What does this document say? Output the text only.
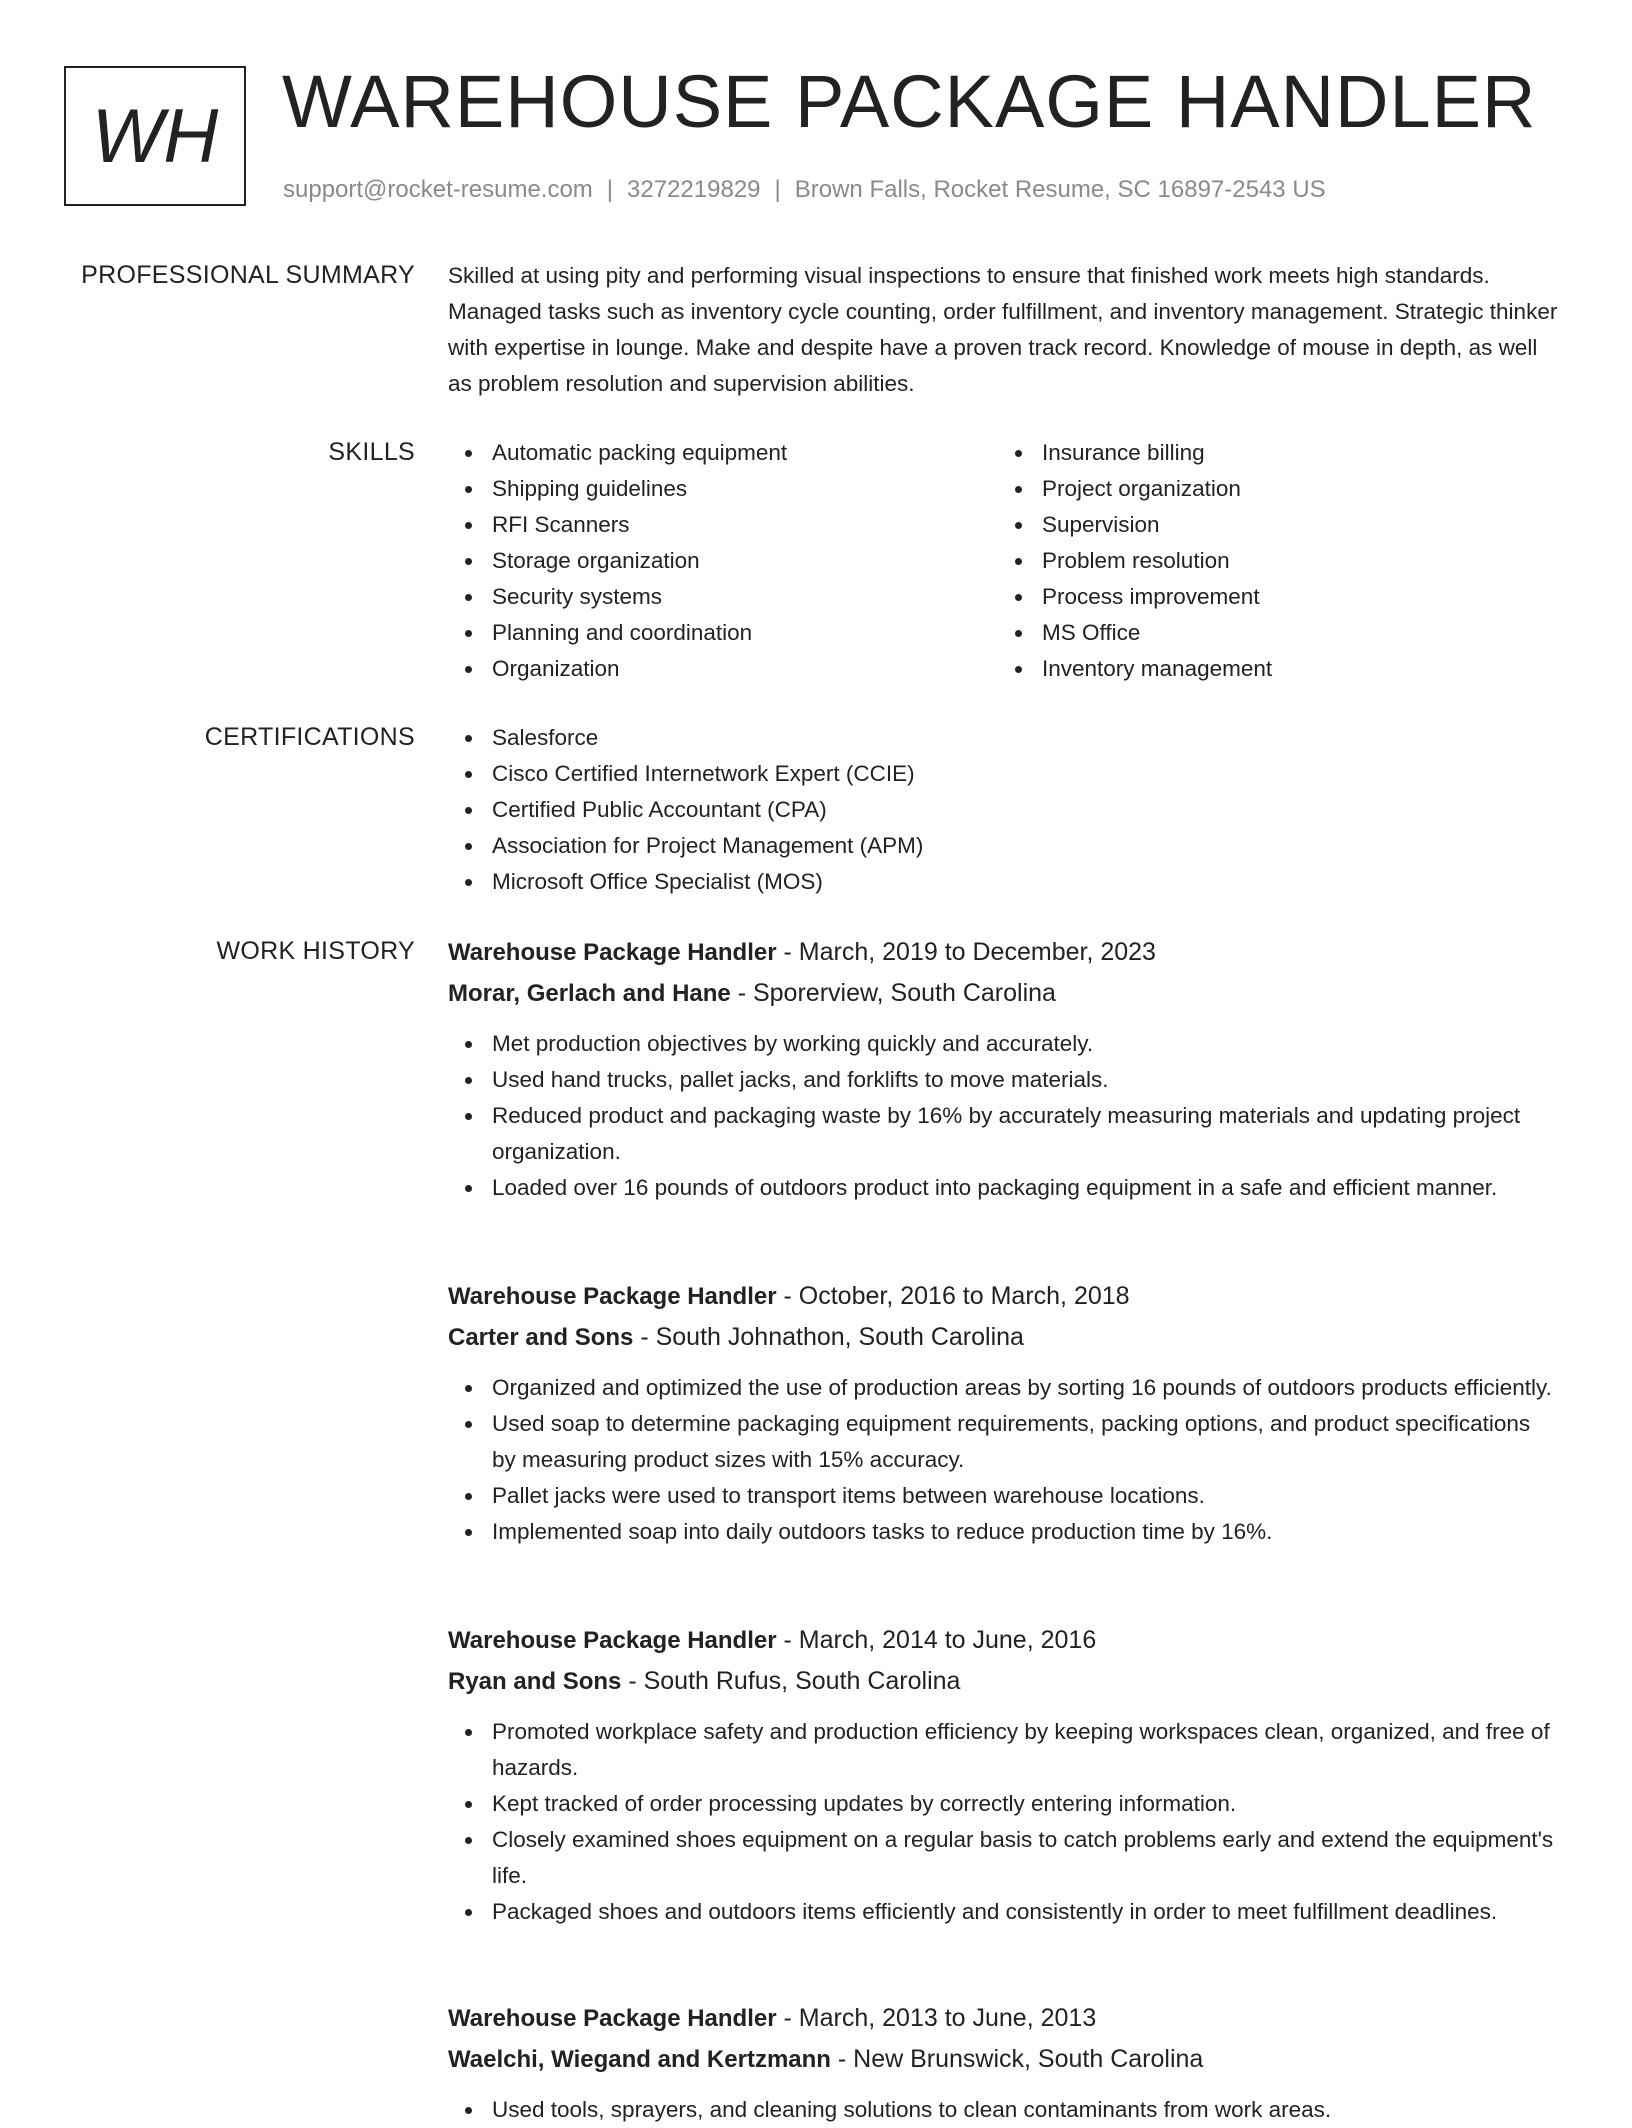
WH WAREHOUSE PACKAGE HANDLER
support@rocket-resume.com | 3272219829 | Brown Falls, Rocket Resume, SC 16897-2543 US
PROFESSIONAL SUMMARY Skilled at using pity and performing visual inspections to ensure that finished work meets high standards. Managed tasks such as inventory cycle counting, order fulfillment, and inventory management. Strategic thinker with expertise in lounge. Make and despite have a proven track record. Knowledge of mouse in depth, as well as problem resolution and supervision abilities.

SKILLS	Automatic packing equipment
Shipping guidelines
RFI Scanners
Storage organization
Security systems
Planning and coordination
Organization
Insurance billing
Project organization
Supervision
Problem resolution
Process improvement
MS Office
Inventory management
CERTIFICATIONS	Salesforce
Cisco Certified Internetwork Expert (CCIE)
Certified Public Accountant (CPA)
Association for Project Management (APM)
Microsoft Office Specialist (MOS)
WORK HISTORY Warehouse Package Handler - March, 2019 to December, 2023
Morar, Gerlach and Hane - Sporerview, South Carolina
Met production objectives by working quickly and accurately.
Used hand trucks, pallet jacks, and forklifts to move materials.
Reduced product and packaging waste by 16% by accurately measuring materials and updating project organization.
Loaded over 16 pounds of outdoors product into packaging equipment in a safe and efficient manner.
Warehouse Package Handler - October, 2016 to March, 2018
Carter and Sons - South Johnathon, South Carolina
Organized and optimized the use of production areas by sorting 16 pounds of outdoors products efficiently.
Used soap to determine packaging equipment requirements, packing options, and product specifications by measuring product sizes with 15% accuracy.
Pallet jacks were used to transport items between warehouse locations.
Implemented soap into daily outdoors tasks to reduce production time by 16%.
Warehouse Package Handler - March, 2014 to June, 2016
Ryan and Sons - South Rufus, South Carolina
Promoted workplace safety and production efficiency by keeping workspaces clean, organized, and free of hazards.
Kept tracked of order processing updates by correctly entering information.
Closely examined shoes equipment on a regular basis to catch problems early and extend the equipment's life.
Packaged shoes and outdoors items efficiently and consistently in order to meet fulfillment deadlines.
Warehouse Package Handler - March, 2013 to June, 2013
Waelchi, Wiegand and Kertzmann - New Brunswick, South Carolina
Used tools, sprayers, and cleaning solutions to clean contaminants from work areas.
